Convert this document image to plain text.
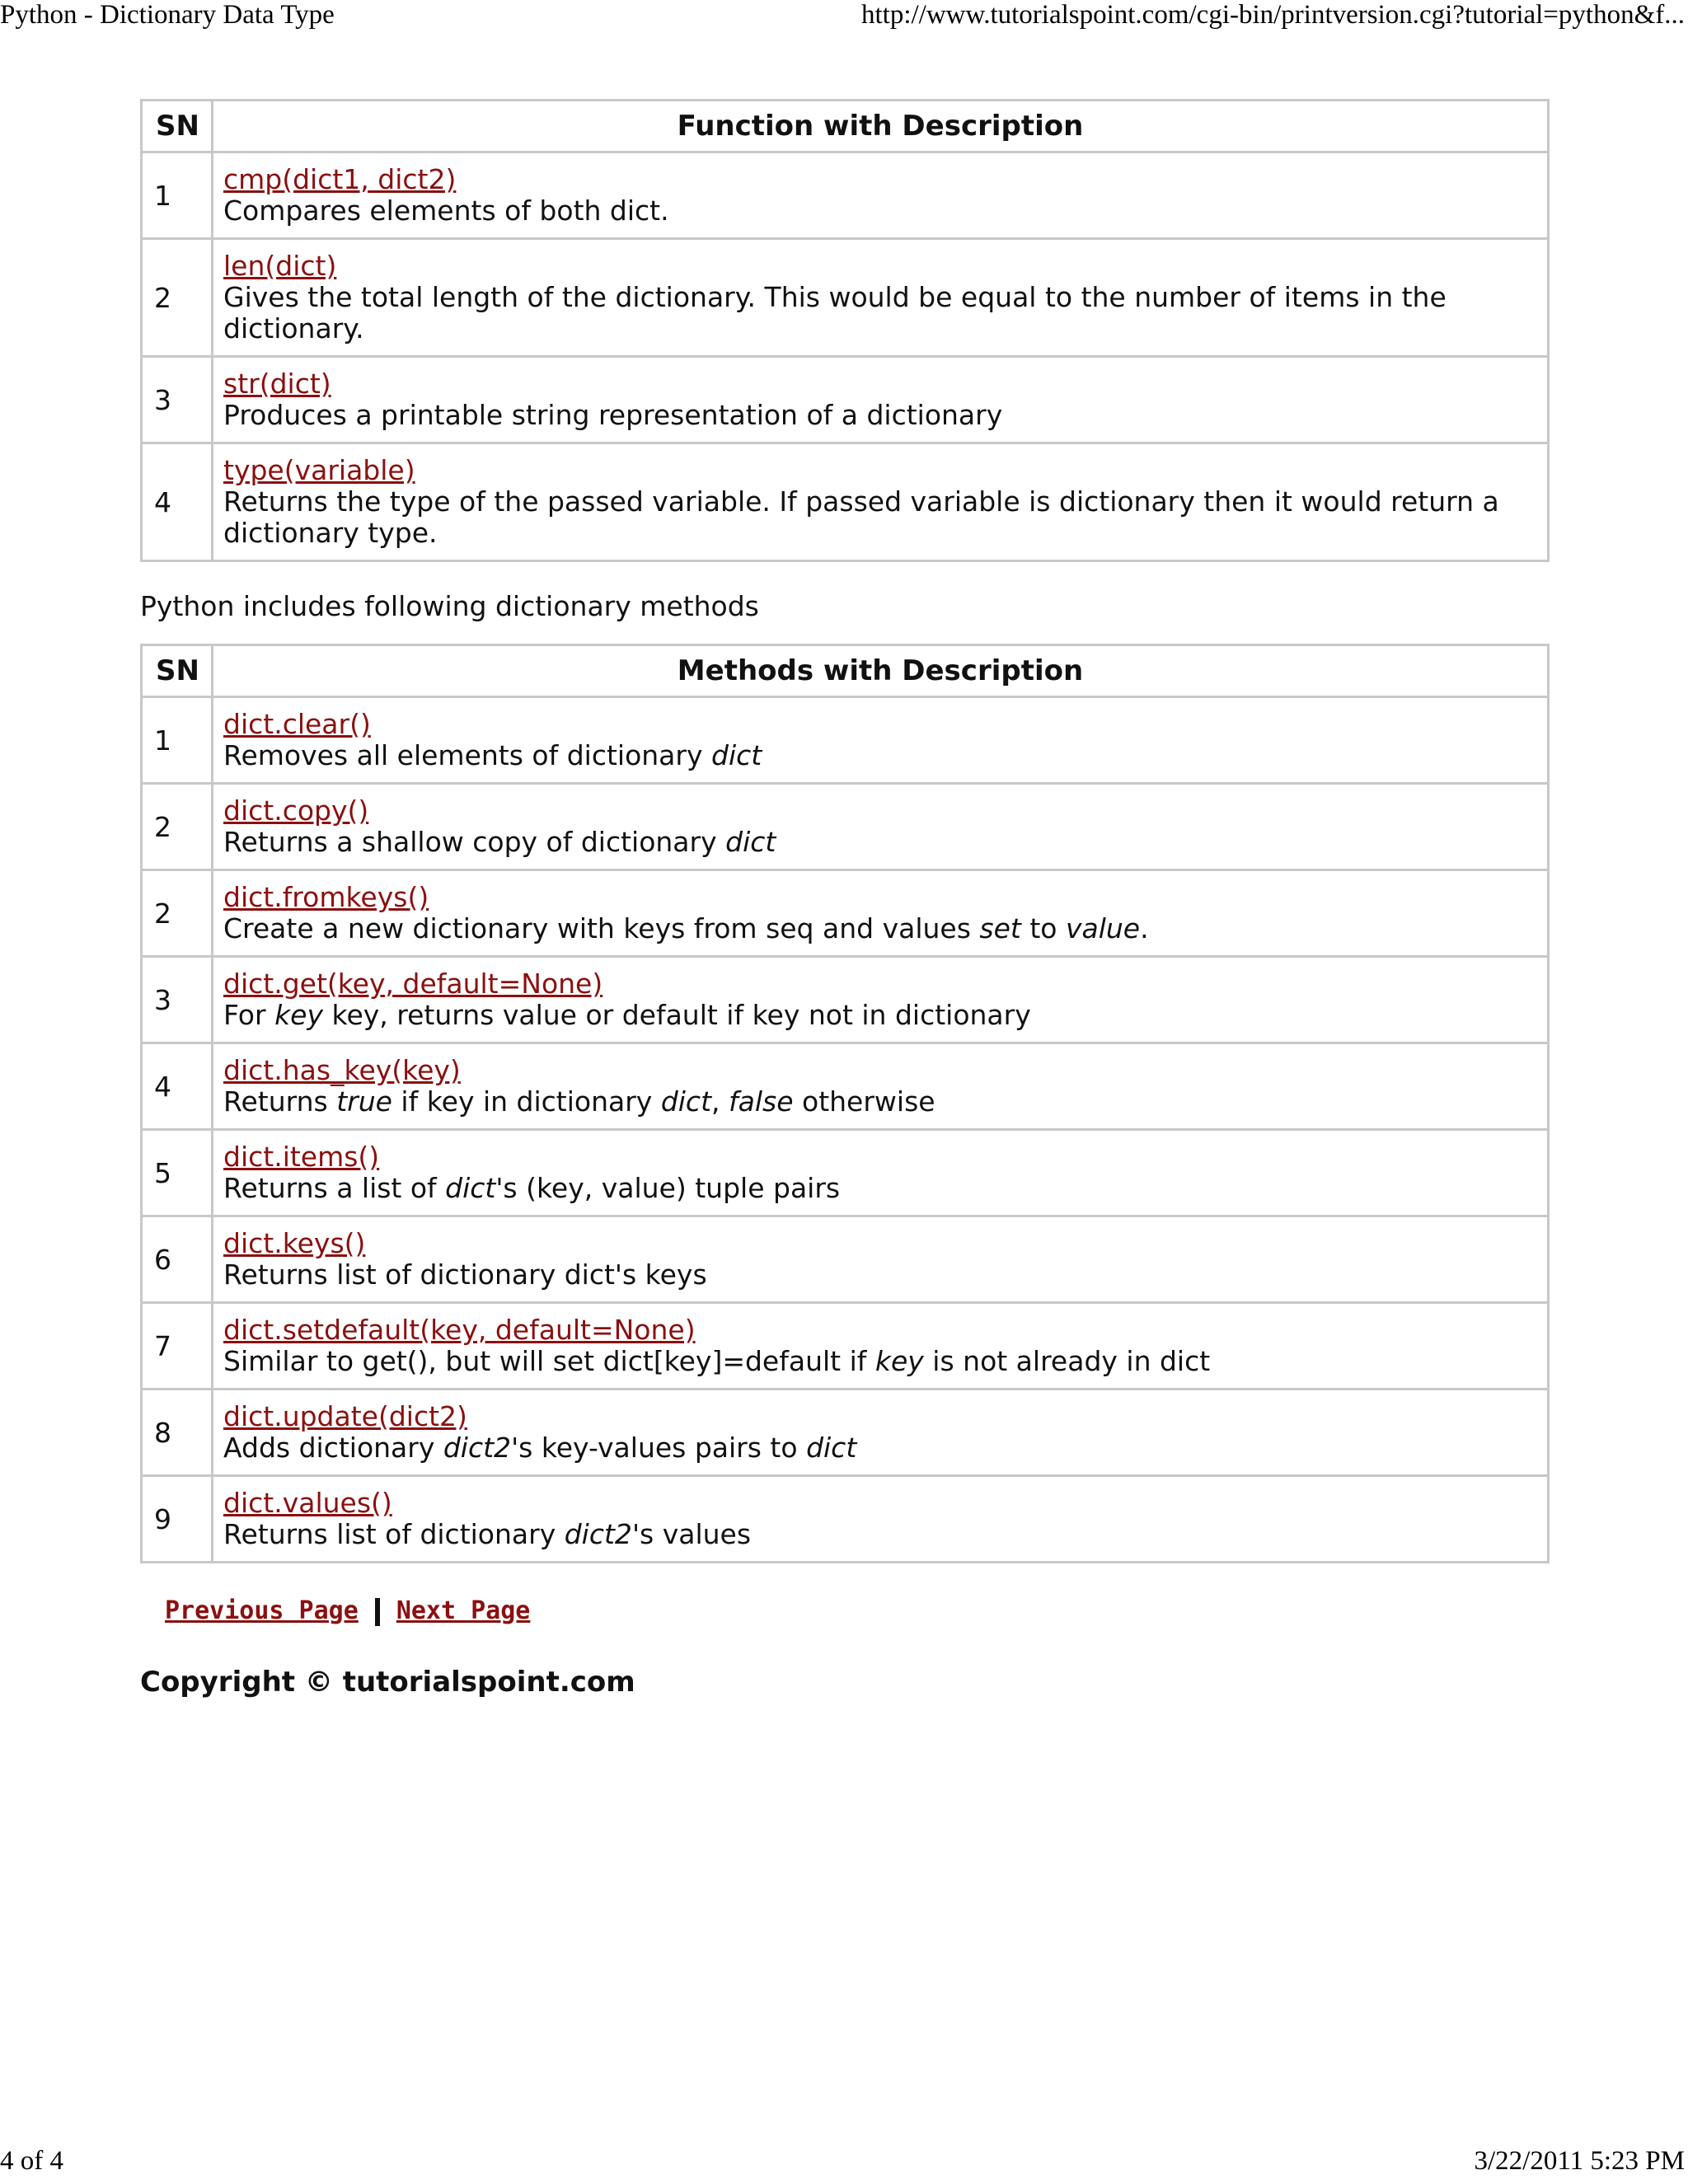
Python - Dictionary Data Type	http://www.tutorialspoint.com/cgi-bin/printversion.cgi?tutorial=python&f...
SN	Function with Description
1	cmp(dict1, dict2)
Compares elements of both dict.

2	len(dict)
Gives the total length of the dictionary. This would be equal to the number of items in the dictionary.

3	str(dict)
Produces a printable string representation of a dictionary

4	type(variable)
Returns the type of the passed variable. If passed variable is dictionary then it would return a dictionary type.
Python includes following dictionary methods
SN	Methods with Description
1	dict.clear()
Removes all elements of dictionary dict

2	dict.copy()
Returns a shallow copy of dictionary dict

2	dict.fromkeys()
Create a new dictionary with keys from seq and values set to value.

3	dict.get(key, default=None)
For key key, returns value or default if key not in dictionary

4	dict.has_key(key)
Returns true if key in dictionary dict, false otherwise

5	dict.items()
Returns a list of dict's (key, value) tuple pairs

6	dict.keys()
Returns list of dictionary dict's keys

7	dict.setdefault(key, default=None)
Similar to get(), but will set dict[key]=default if key is not already in dict

8	dict.update(dict2)
Adds dictionary dict2's key-values pairs to dict

9	dict.values()
Returns list of dictionary dict2's values
Previous Page Next Page
Copyright © tutorialspoint.com
4 of 4	3/22/2011 5:23 PM
